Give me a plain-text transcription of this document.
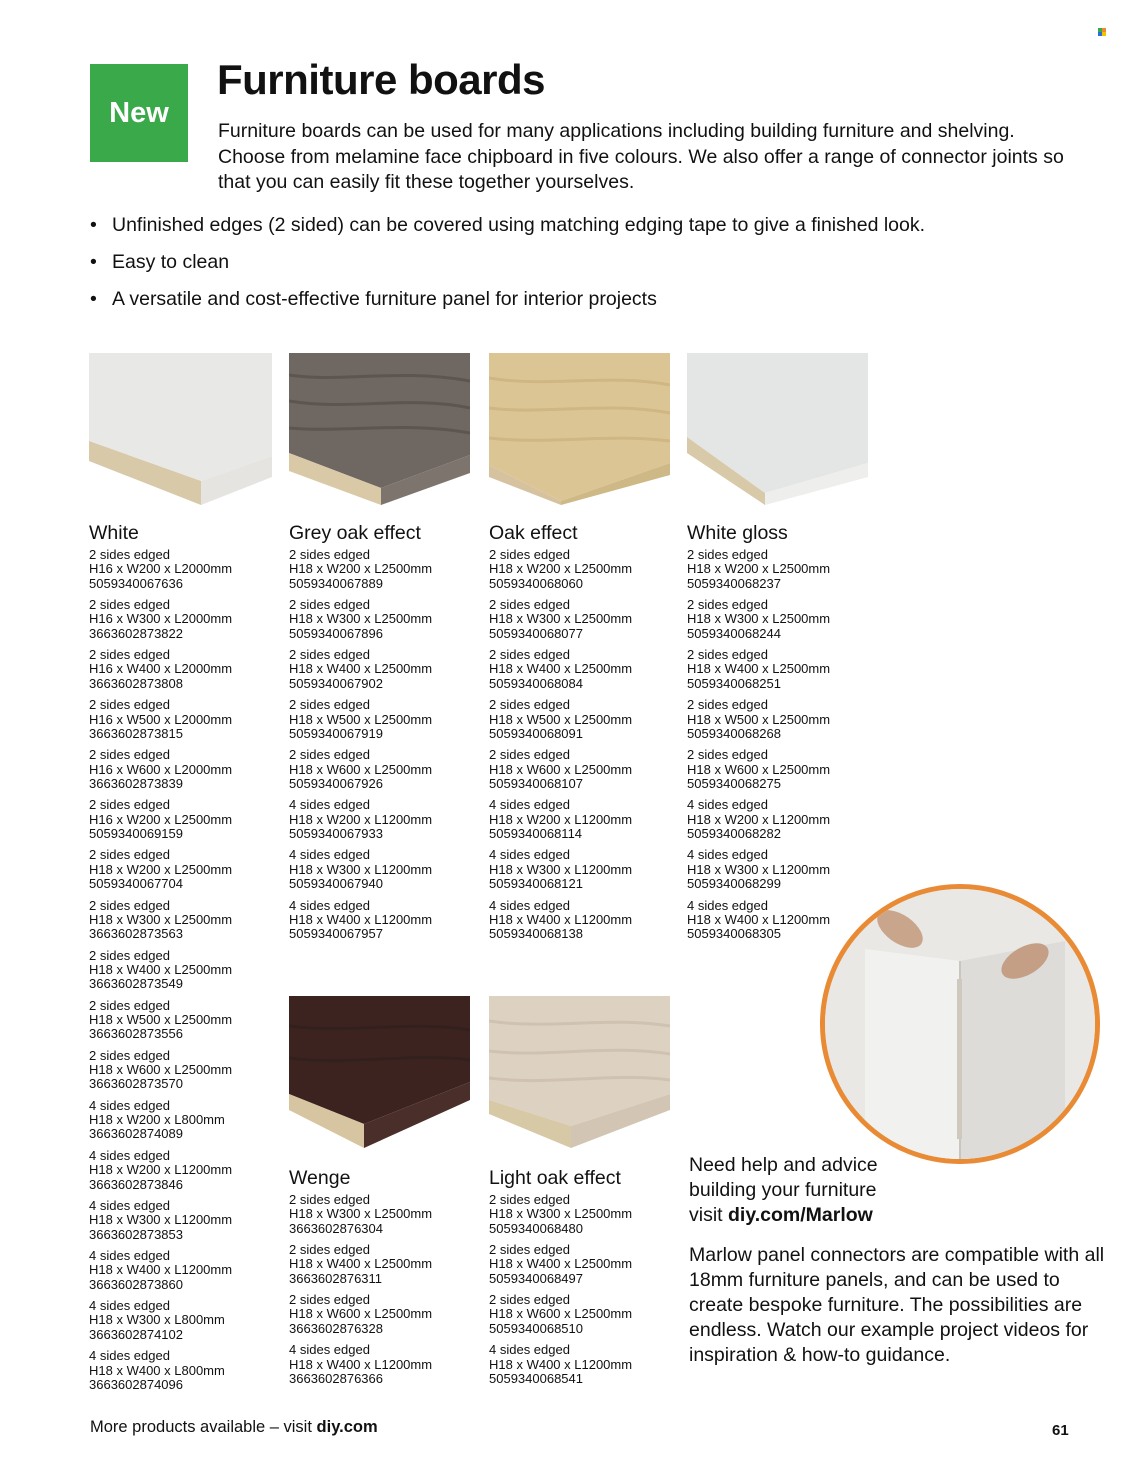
New
Furniture boards

Furniture boards can be used for many applications including building furniture and shelving. Choose from melamine face chipboard in five colours. We also offer a range of connector joints so that you can easily fit these together yourselves.

• Unfinished edges (2 sided) can be covered using matching edging tape to give a finished look.
• Easy to clean
• A versatile and cost-effective furniture panel for interior projects
White
2 sides edged
H16 x W200 x L2000mm
5059340067636
2 sides edged
H16 x W300 x L2000mm
3663602873822
2 sides edged
H16 x W400 x L2000mm
3663602873808
2 sides edged
H16 x W500 x L2000mm
3663602873815
2 sides edged
H16 x W600 x L2000mm
3663602873839
2 sides edged
H16 x W200 x L2500mm
5059340069159
2 sides edged
H18 x W200 x L2500mm
5059340067704
2 sides edged
H18 x W300 x L2500mm
3663602873563
2 sides edged
H18 x W400 x L2500mm
3663602873549
2 sides edged
H18 x W500 x L2500mm
3663602873556
2 sides edged
H18 x W600 x L2500mm
3663602873570
4 sides edged
H18 x W200 x L800mm
3663602874089
4 sides edged
H18 x W200 x L1200mm
3663602873846
4 sides edged
H18 x W300 x L1200mm
3663602873853
4 sides edged
H18 x W400 x L1200mm
3663602873860
4 sides edged
H18 x W300 x L800mm
3663602874102
4 sides edged
H18 x W400 x L800mm
3663602874096
Grey oak effect
2 sides edged
H18 x W200 x L2500mm
5059340067889
2 sides edged
H18 x W300 x L2500mm
5059340067896
2 sides edged
H18 x W400 x L2500mm
5059340067902
2 sides edged
H18 x W500 x L2500mm
5059340067919
2 sides edged
H18 x W600 x L2500mm
5059340067926
4 sides edged
H18 x W200 x L1200mm
5059340067933
4 sides edged
H18 x W300 x L1200mm
5059340067940
4 sides edged
H18 x W400 x L1200mm
5059340067957
Oak effect
2 sides edged
H18 x W200 x L2500mm
5059340068060
2 sides edged
H18 x W300 x L2500mm
5059340068077
2 sides edged
H18 x W400 x L2500mm
5059340068084
2 sides edged
H18 x W500 x L2500mm
5059340068091
2 sides edged
H18 x W600 x L2500mm
5059340068107
4 sides edged
H18 x W200 x L1200mm
5059340068114
4 sides edged
H18 x W300 x L1200mm
5059340068121
4 sides edged
H18 x W400 x L1200mm
5059340068138
White gloss
2 sides edged
H18 x W200 x L2500mm
5059340068237
2 sides edged
H18 x W300 x L2500mm
5059340068244
2 sides edged
H18 x W400 x L2500mm
5059340068251
2 sides edged
H18 x W500 x L2500mm
5059340068268
2 sides edged
H18 x W600 x L2500mm
5059340068275
4 sides edged
H18 x W200 x L1200mm
5059340068282
4 sides edged
H18 x W300 x L1200mm
5059340068299
4 sides edged
H18 x W400 x L1200mm
5059340068305
Wenge
2 sides edged
H18 x W300 x L2500mm
3663602876304
2 sides edged
H18 x W400 x L2500mm
3663602876311
2 sides edged
H18 x W600 x L2500mm
3663602876328
4 sides edged
H18 x W400 x L1200mm
3663602876366
Light oak effect
2 sides edged
H18 x W300 x L2500mm
5059340068480
2 sides edged
H18 x W400 x L2500mm
5059340068497
2 sides edged
H18 x W600 x L2500mm
5059340068510
4 sides edged
H18 x W400 x L1200mm
5059340068541
Need help and advice
building your furniture
visit diy.com/Marlow

Marlow panel connectors are compatible with all 18mm furniture panels, and can be used to create bespoke furniture. The possibilities are endless. Watch our example project videos for inspiration & how-to guidance.

More products available – visit diy.com	61
